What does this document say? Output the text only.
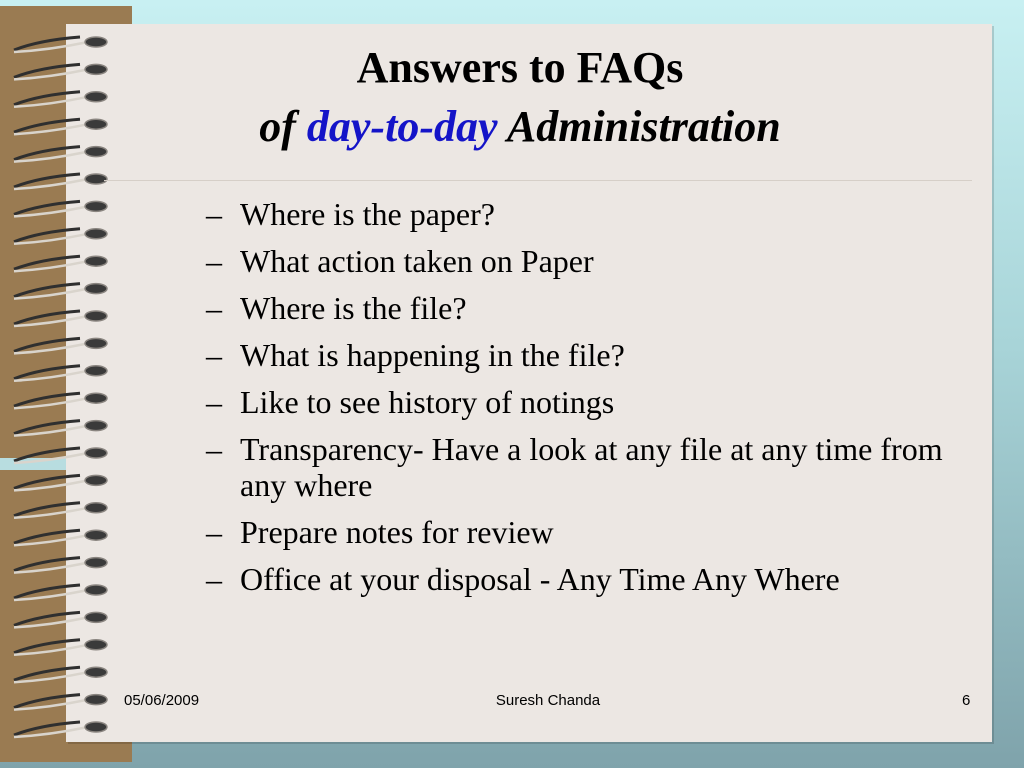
Answers to FAQs
of day-to-day Administration
– Where is the paper?
– What action taken on Paper
– Where is the file?
– What is happening in the file?
– Like to see history of notings
– Transparency- Have a look at any file at any time from any where
– Prepare notes for review
– Office at your disposal - Any Time Any Where
05/06/2009	Suresh Chanda	6
